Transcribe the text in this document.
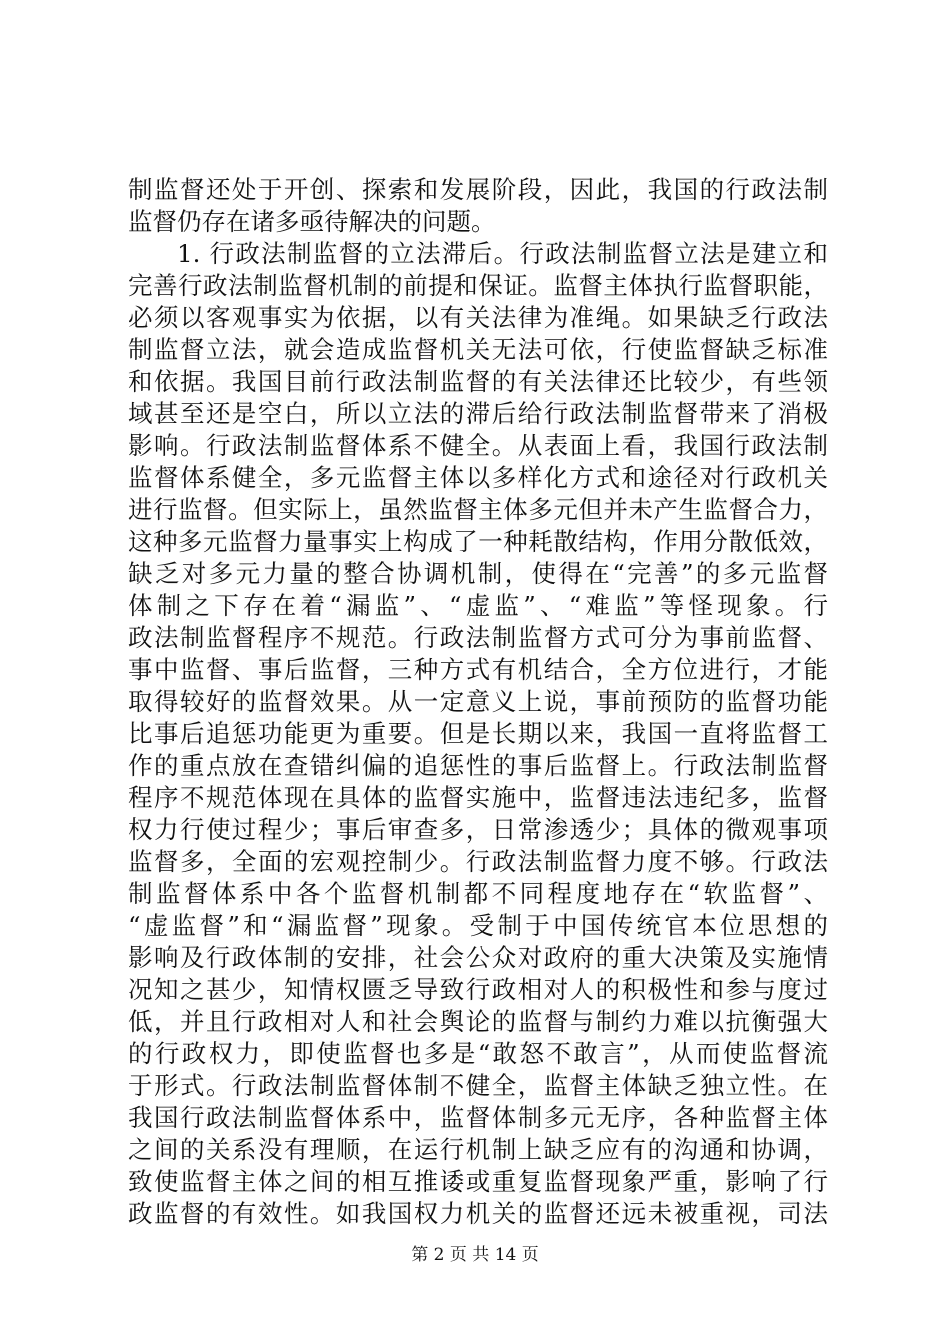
制监督还处于开创、探索和发展阶段，因此，我国的行政法制
监督仍存在诸多亟待解决的问题。
1. 行政法制监督的立法滞后。行政法制监督立法是建立和
完善行政法制监督机制的前提和保证。监督主体执行监督职能，
必须以客观事实为依据，以有关法律为准绳。如果缺乏行政法
制监督立法，就会造成监督机关无法可依，行使监督缺乏标准
和依据。我国目前行政法制监督的有关法律还比较少，有些领
域甚至还是空白，所以立法的滞后给行政法制监督带来了消极
影响。行政法制监督体系不健全。从表面上看，我国行政法制
监督体系健全，多元监督主体以多样化方式和途径对行政机关
进行监督。但实际上，虽然监督主体多元但并未产生监督合力，
这种多元监督力量事实上构成了一种耗散结构，作用分散低效，
缺乏对多元力量的整合协调机制，使得在“完善”的多元监督
体制之下存在着“漏监”、“虚监”、“难监”等怪现象。行
政法制监督程序不规范。行政法制监督方式可分为事前监督、
事中监督、事后监督，三种方式有机结合，全方位进行，才能
取得较好的监督效果。从一定意义上说，事前预防的监督功能
比事后追惩功能更为重要。但是长期以来，我国一直将监督工
作的重点放在查错纠偏的追惩性的事后监督上。行政法制监督
程序不规范体现在具体的监督实施中，监督违法违纪多，监督
权力行使过程少；事后审查多，日常渗透少；具体的微观事项
监督多，全面的宏观控制少。行政法制监督力度不够。行政法
制监督体系中各个监督机制都不同程度地存在“软监督”、
“虚监督”和“漏监督”现象。受制于中国传统官本位思想的
影响及行政体制的安排，社会公众对政府的重大决策及实施情
况知之甚少，知情权匮乏导致行政相对人的积极性和参与度过
低，并且行政相对人和社会舆论的监督与制约力难以抗衡强大
的行政权力，即使监督也多是“敢怒不敢言”，从而使监督流
于形式。行政法制监督体制不健全，监督主体缺乏独立性。在
我国行政法制监督体系中，监督体制多元无序，各种监督主体
之间的关系没有理顺，在运行机制上缺乏应有的沟通和协调，
致使监督主体之间的相互推诿或重复监督现象严重，影响了行
政监督的有效性。如我国权力机关的监督还远未被重视，司法
第 2 页 共 14 页
